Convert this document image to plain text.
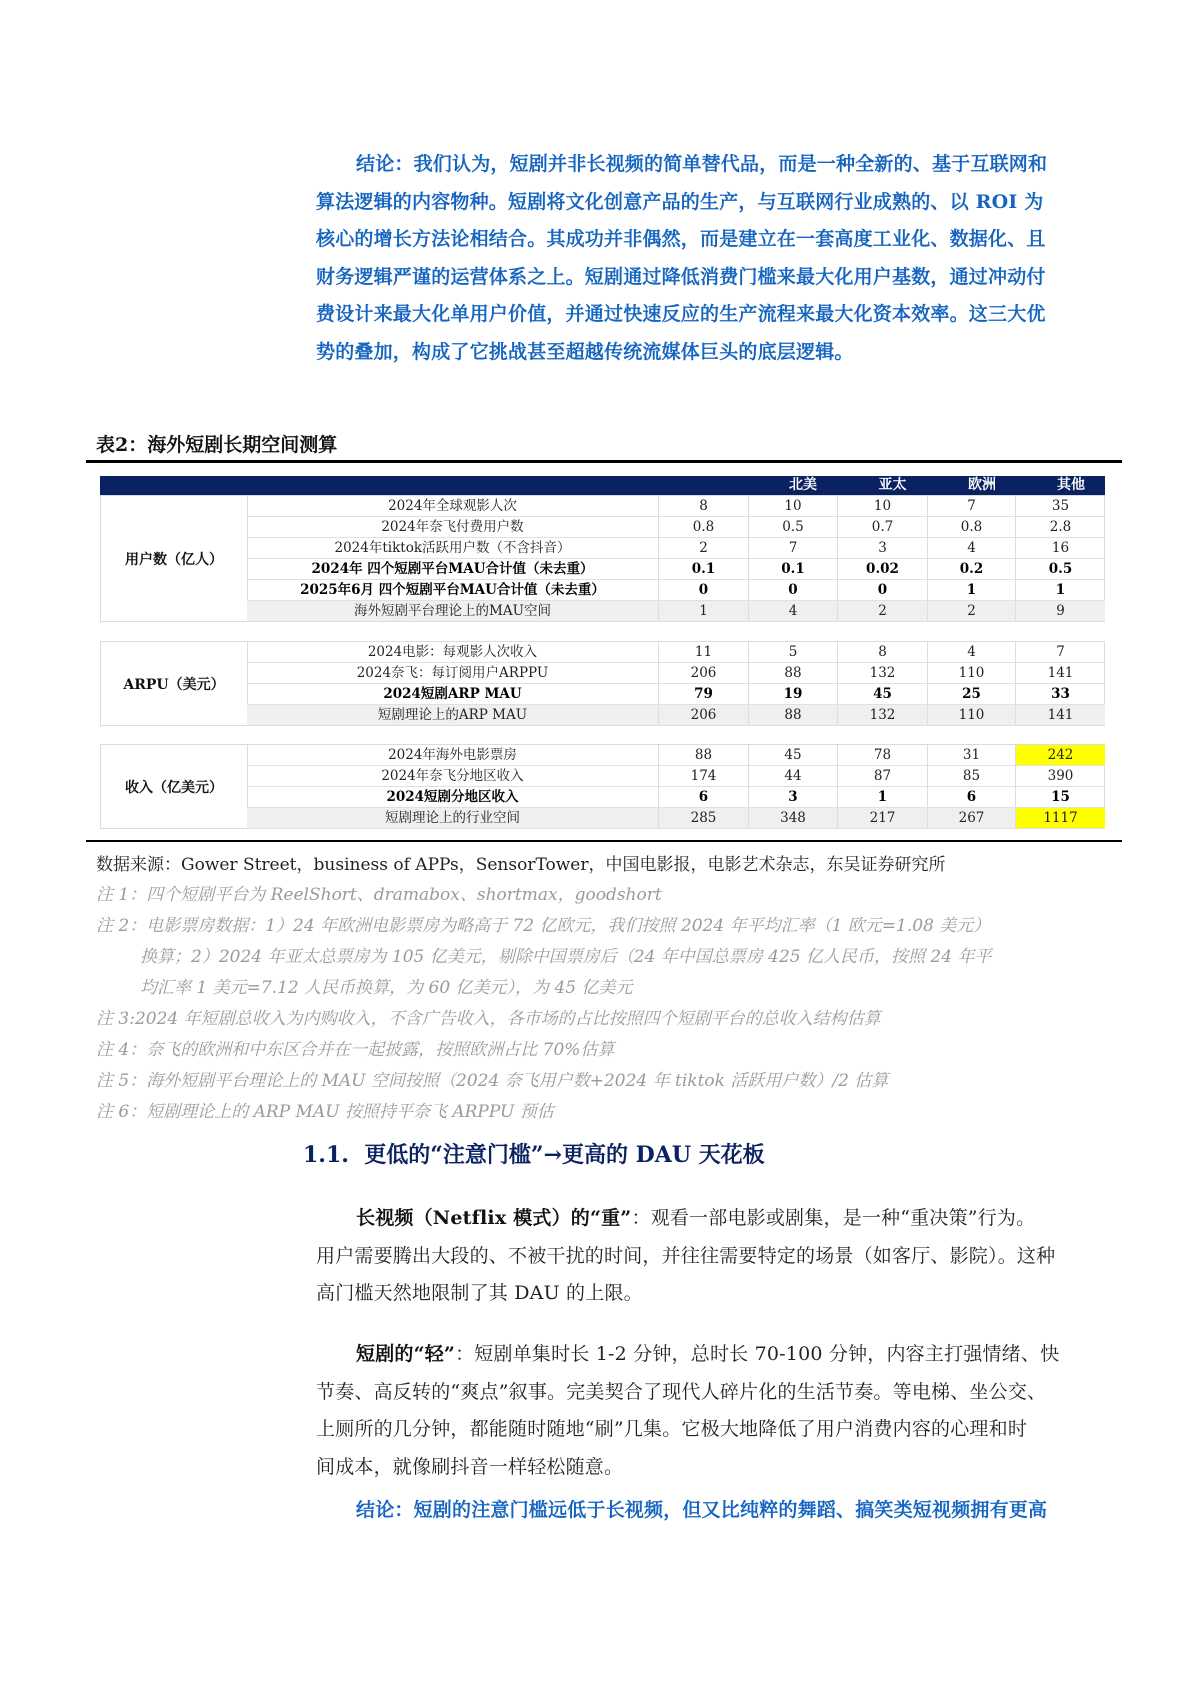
结论：我们认为，短剧并非长视频的简单替代品，而是一种全新的、基于互联网和
算法逻辑的内容物种。短剧将文化创意产品的生产，与互联网行业成熟的、以 ROI 为
核心的增长方法论相结合。其成功并非偶然，而是建立在一套高度工业化、数据化、且
财务逻辑严谨的运营体系之上。短剧通过降低消费门槛来最大化用户基数，通过冲动付
费设计来最大化单用户价值，并通过快速反应的生产流程来最大化资本效率。这三大优
势的叠加，构成了它挑战甚至超越传统流媒体巨头的底层逻辑。
表2：海外短剧长期空间测算
北美	亚太	欧洲	其他	合计
用户数（亿人）
2024年全球观影人次	8	10	10	7	35
2024年奈飞付费用户数	0.8	0.5	0.7	0.8	2.8
2024年tiktok活跃用户数（不含抖音）	2	7	3	4	16
2024年 四个短剧平台MAU合计值（未去重）	0.1	0.1	0.02	0.2	0.5
2025年6月 四个短剧平台MAU合计值（未去重）	0	0	0	1	1
海外短剧平台理论上的MAU空间	1	4	2	2	9
ARPU（美元）
2024电影：每观影人次收入	11	5	8	4	7
2024奈飞：每订阅用户ARPPU	206	88	132	110	141
2024短剧ARP MAU	79	19	45	25	33
短剧理论上的ARP MAU	206	88	132	110	141
收入（亿美元）
2024年海外电影票房	88	45	78	31	242
2024年奈飞分地区收入	174	44	87	85	390
2024短剧分地区收入	6	3	1	6	15
短剧理论上的行业空间	285	348	217	267	1117
数据来源：Gower Street，business of APPs，SensorTower，中国电影报，电影艺术杂志，东吴证券研究所
注 1：四个短剧平台为 ReelShort、dramabox、shortmax，goodshort
注 2：电影票房数据：1）24 年欧洲电影票房为略高于 72 亿欧元，我们按照 2024 年平均汇率（1 欧元=1.08 美元）
换算；2）2024 年亚太总票房为 105 亿美元，剔除中国票房后（24 年中国总票房 425 亿人民币，按照 24 年平
均汇率 1 美元=7.12 人民币换算，为 60 亿美元），为 45 亿美元
注 3:2024 年短剧总收入为内购收入，不含广告收入，各市场的占比按照四个短剧平台的总收入结构估算
注 4：奈飞的欧洲和中东区合并在一起披露，按照欧洲占比 70%估算
注 5：海外短剧平台理论上的 MAU 空间按照（2024 奈飞用户数+2024 年 tiktok 活跃用户数）/2 估算
注 6：短剧理论上的 ARP MAU 按照持平奈飞 ARPPU 预估
1.1. 更低的“注意门槛”→更高的 DAU 天花板
长视频（Netflix 模式）的“重”：观看一部电影或剧集，是一种“重决策”行为。
用户需要腾出大段的、不被干扰的时间，并往往需要特定的场景（如客厅、影院）。这种
高门槛天然地限制了其 DAU 的上限。
短剧的“轻”：短剧单集时长 1-2 分钟，总时长 70-100 分钟，内容主打强情绪、快
节奏、高反转的“爽点”叙事。完美契合了现代人碎片化的生活节奏。等电梯、坐公交、
上厕所的几分钟，都能随时随地“刷”几集。它极大地降低了用户消费内容的心理和时
间成本，就像刷抖音一样轻松随意。
结论：短剧的注意门槛远低于长视频，但又比纯粹的舞蹈、搞笑类短视频拥有更高
